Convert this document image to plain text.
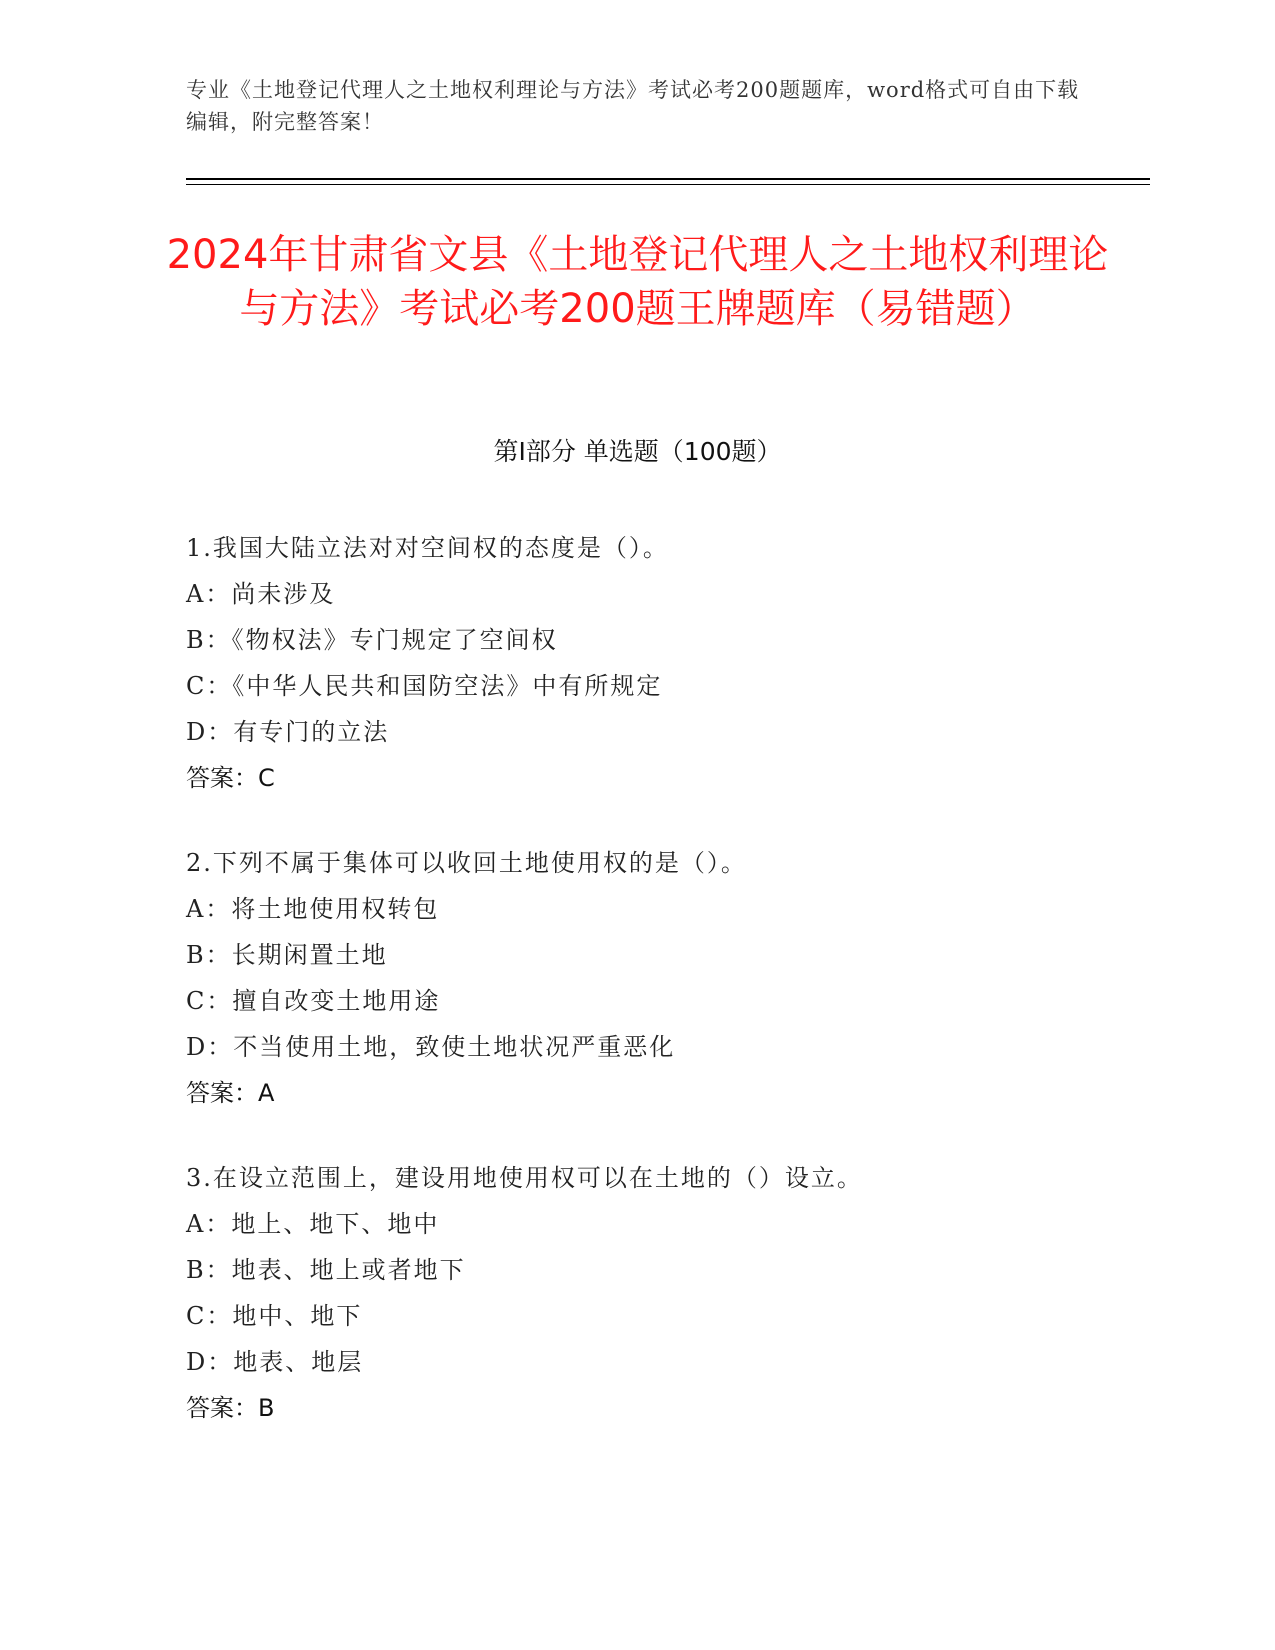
专业《土地登记代理人之土地权利理论与方法》考试必考200题题库，word格式可自由下载编辑，附完整答案！
2024年甘肃省文县《土地登记代理人之土地权利理论与方法》考试必考200题王牌题库（易错题）
第I部分 单选题（100题）
1.我国大陆立法对对空间权的态度是（）。
A：尚未涉及
B：《物权法》专门规定了空间权
C：《中华人民共和国防空法》中有所规定
D：有专门的立法
答案：C
2.下列不属于集体可以收回土地使用权的是（）。
A：将土地使用权转包
B：长期闲置土地
C：擅自改变土地用途
D：不当使用土地，致使土地状况严重恶化
答案：A
3.在设立范围上，建设用地使用权可以在土地的（）设立。
A：地上、地下、地中
B：地表、地上或者地下
C：地中、地下
D：地表、地层
答案：B
